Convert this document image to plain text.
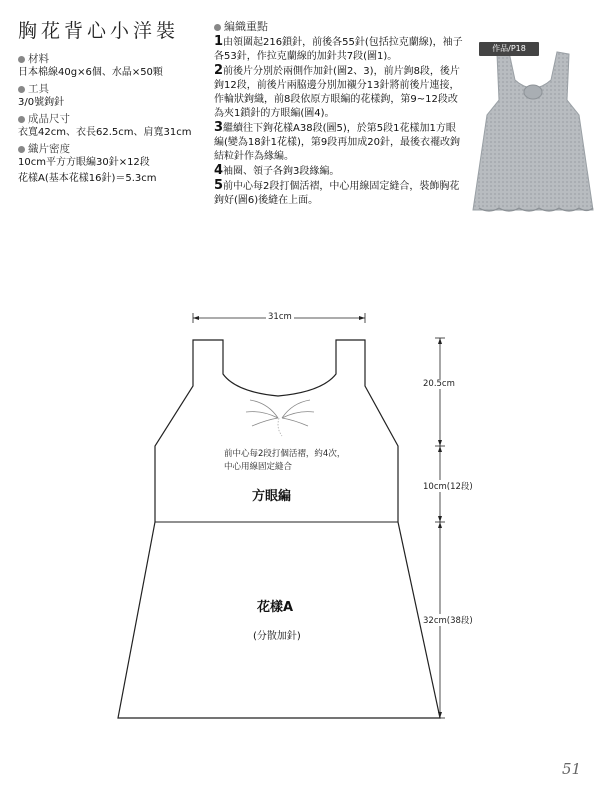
胸花背心小洋裝
材料
日本棉線40g×6個、水晶×50顆
工具
3/0號鉤針
成品尺寸
衣寬42cm、衣長62.5cm、肩寬31cm
織片密度
10cm平方方眼編30針×12段
花樣A(基本花樣16針)＝5.3cm
編織重點
1由領圍起216鎖針，前後各55針(包括拉克蘭線)，袖子各53針，作拉克蘭線的加針共7段(圖1)。
2前後片分別於兩側作加針(圖2、3)，前片鉤8段，後片鉤12段，前後片兩脇邊分別加襯分13針將前後片連接，作輪狀鉤織，前8段依原方眼編的花樣鉤，第9~12段改為夾1鎖針的方眼編(圖4)。
3繼續往下鉤花樣A38段(圖5)，於第5段1花樣加1方眼編(變為18針1花樣)，第9段再加成20針，最後衣襬改鉤結粒針作為緣編。
4袖圈、領子各鉤3段緣編。
5前中心每2段打個活褶，中心用線固定縫合，裝飾胸花鉤好(圖6)後縫在上面。
作品/P18
31cm
20.5cm
10cm(12段)
32cm(38段)
前中心每2段打個活褶，約4次，
中心用線固定縫合
方眼編
花樣A
(分散加針)
51
